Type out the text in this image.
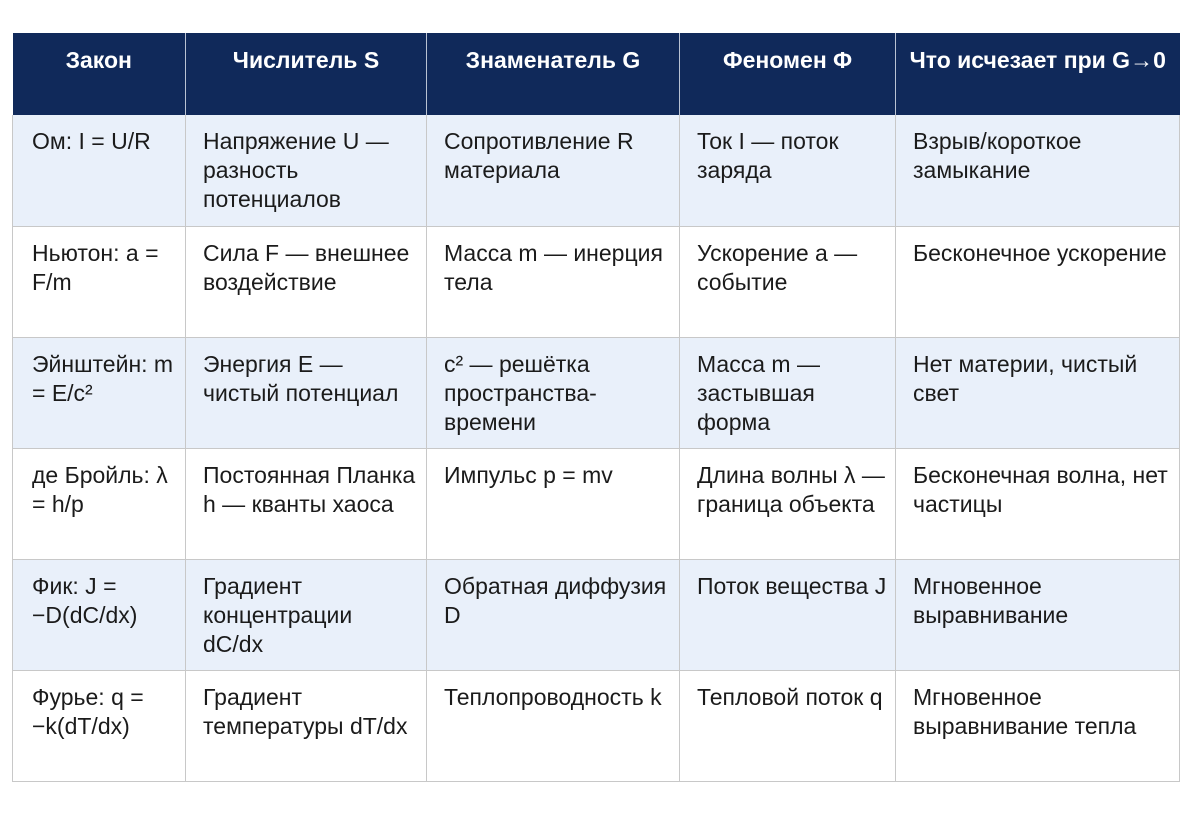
Закон	Числитель S	Знаменатель G	Феномен Φ	Что исчезает при G→0
Ом: I = U/R	Напряжение U — разность потенциалов	Сопротивление R материала	Ток I — поток заряда	Взрыв/короткое замыкание
Ньютон: a = F/m	Сила F — внешнее воздействие	Масса m — инерция тела	Ускорение a — событие	Бесконечное ускорение
Эйнштейн: m = E/c²	Энергия E — чистый потенциал	c² — решётка пространства-времени	Масса m — застывшая форма	Нет материи, чистый свет
де Бройль: λ = h/p	Постоянная Планка h — кванты хаоса	Импульс p = mv	Длина волны λ — граница объекта	Бесконечная волна, нет частицы
Фик: J = −D(dC/dx)	Градиент концентрации dC/dx	Обратная диффузия D	Поток вещества J	Мгновенное выравнивание
Фурье: q = −k(dT/dx)	Градиент температуры dT/dx	Теплопроводность k	Тепловой поток q	Мгновенное выравнивание тепла
